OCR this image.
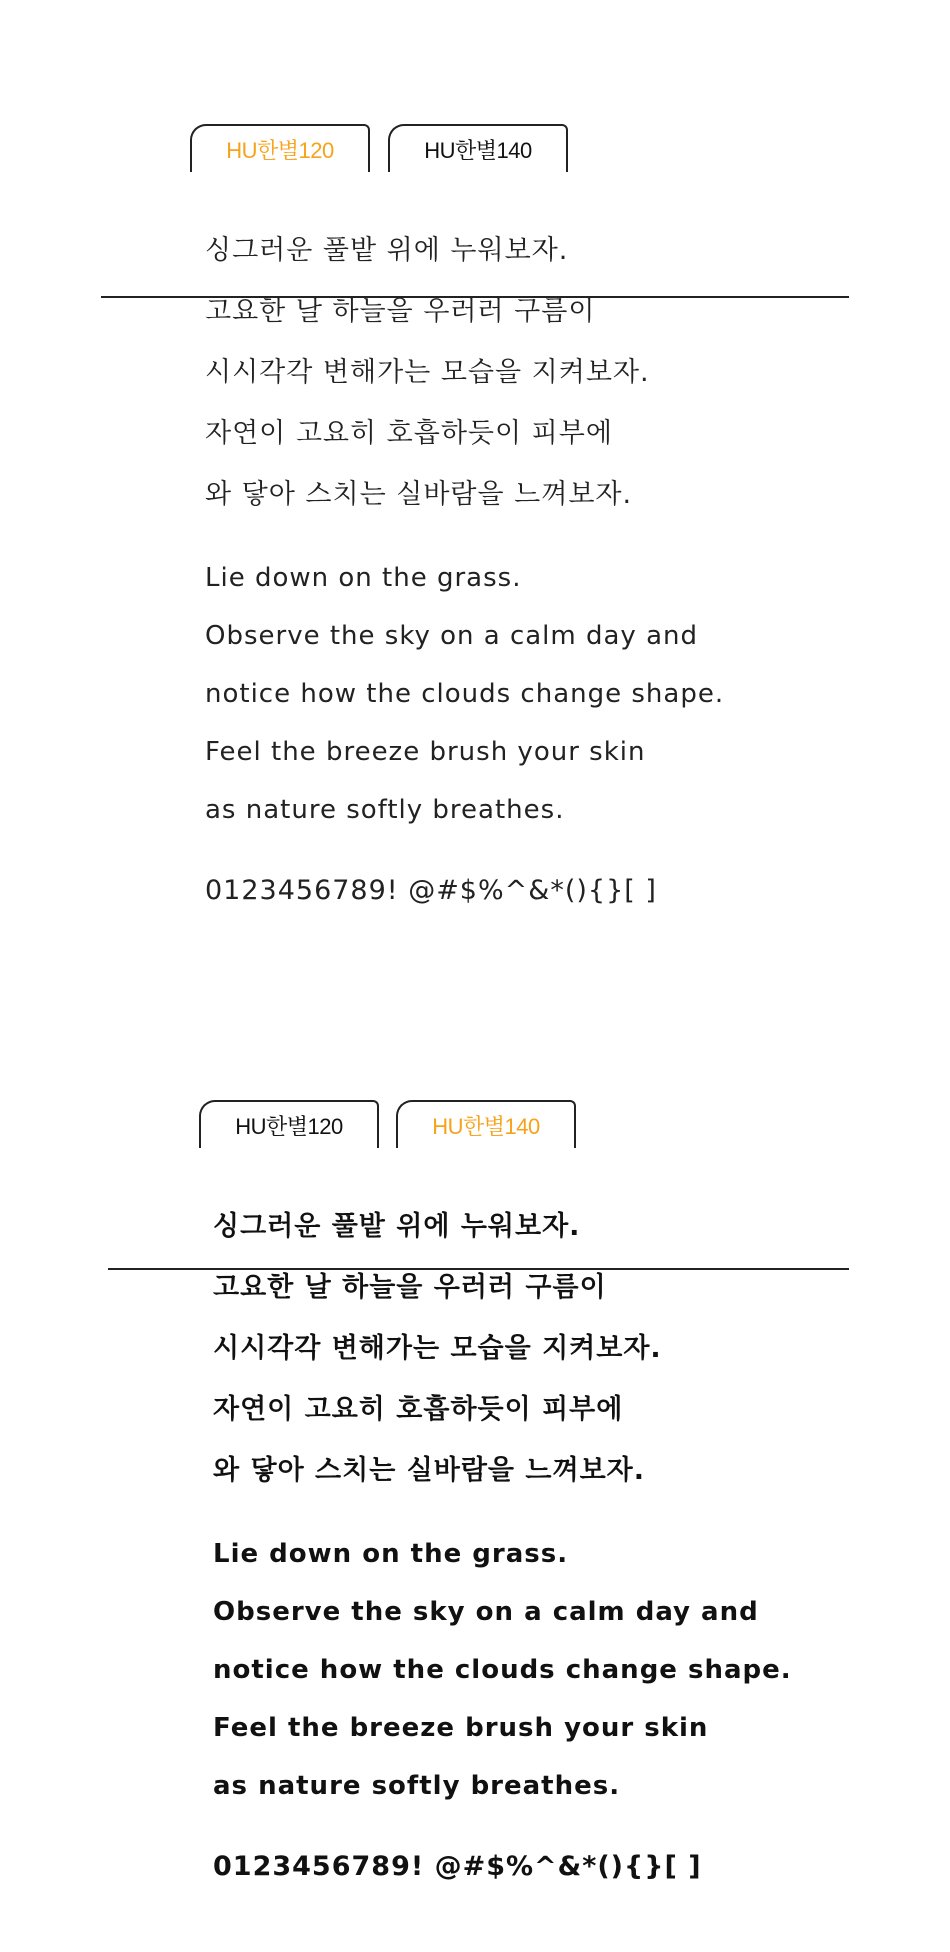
HU한별120	HU한별140
싱그러운 풀밭 위에 누워보자.
고요한 날 하늘을 우러러 구름이
시시각각 변해가는 모습을 지켜보자.
자연이 고요히 호흡하듯이 피부에
와 닿아 스치는 실바람을 느껴보자.
Lie down on the grass.
Observe the sky on a calm day and
notice how the clouds change shape.
Feel the breeze brush your skin
as nature softly breathes.
0123456789! @#$%^&*(){}[ ]
HU한별120	HU한별140
싱그러운 풀밭 위에 누워보자.
고요한 날 하늘을 우러러 구름이
시시각각 변해가는 모습을 지켜보자.
자연이 고요히 호흡하듯이 피부에
와 닿아 스치는 실바람을 느껴보자.
Lie down on the grass.
Observe the sky on a calm day and
notice how the clouds change shape.
Feel the breeze brush your skin
as nature softly breathes.
0123456789! @#$%^&*(){}[ ]
